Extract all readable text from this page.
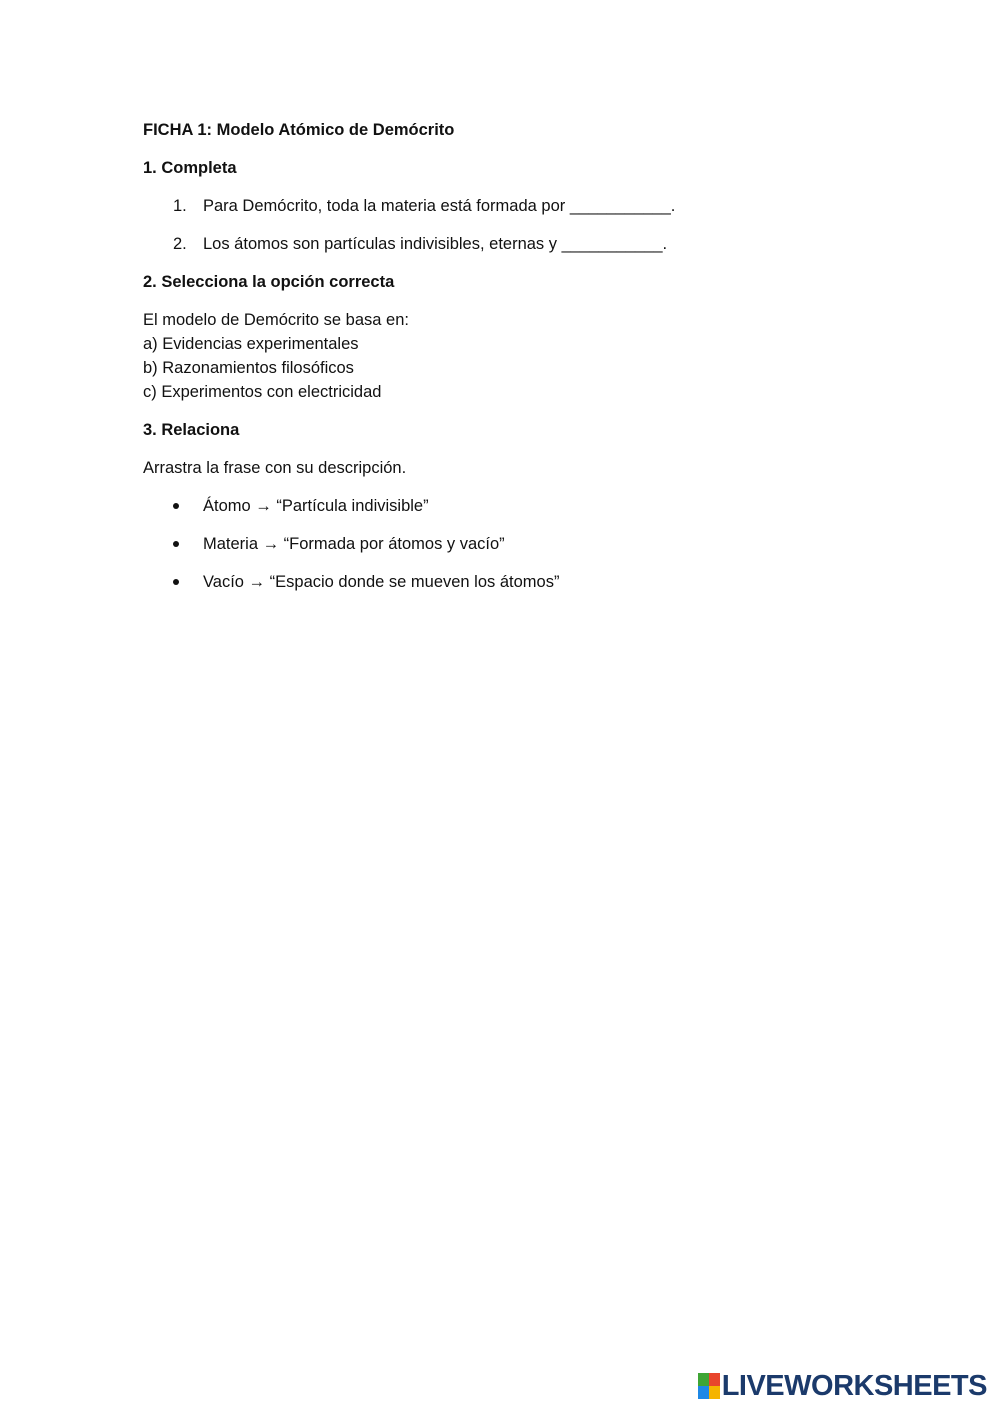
FICHA 1: Modelo Atómico de Demócrito
1. Completa
1. Para Demócrito, toda la materia está formada por ___________.
2. Los átomos son partículas indivisibles, eternas y ___________.
2. Selecciona la opción correcta
El modelo de Demócrito se basa en:
a) Evidencias experimentales
b) Razonamientos filosóficos
c) Experimentos con electricidad
3. Relaciona
Arrastra la frase con su descripción.
Átomo → “Partícula indivisible”
Materia → “Formada por átomos y vacío”
Vacío → “Espacio donde se mueven los átomos”
LIVEWORKSHEETS
